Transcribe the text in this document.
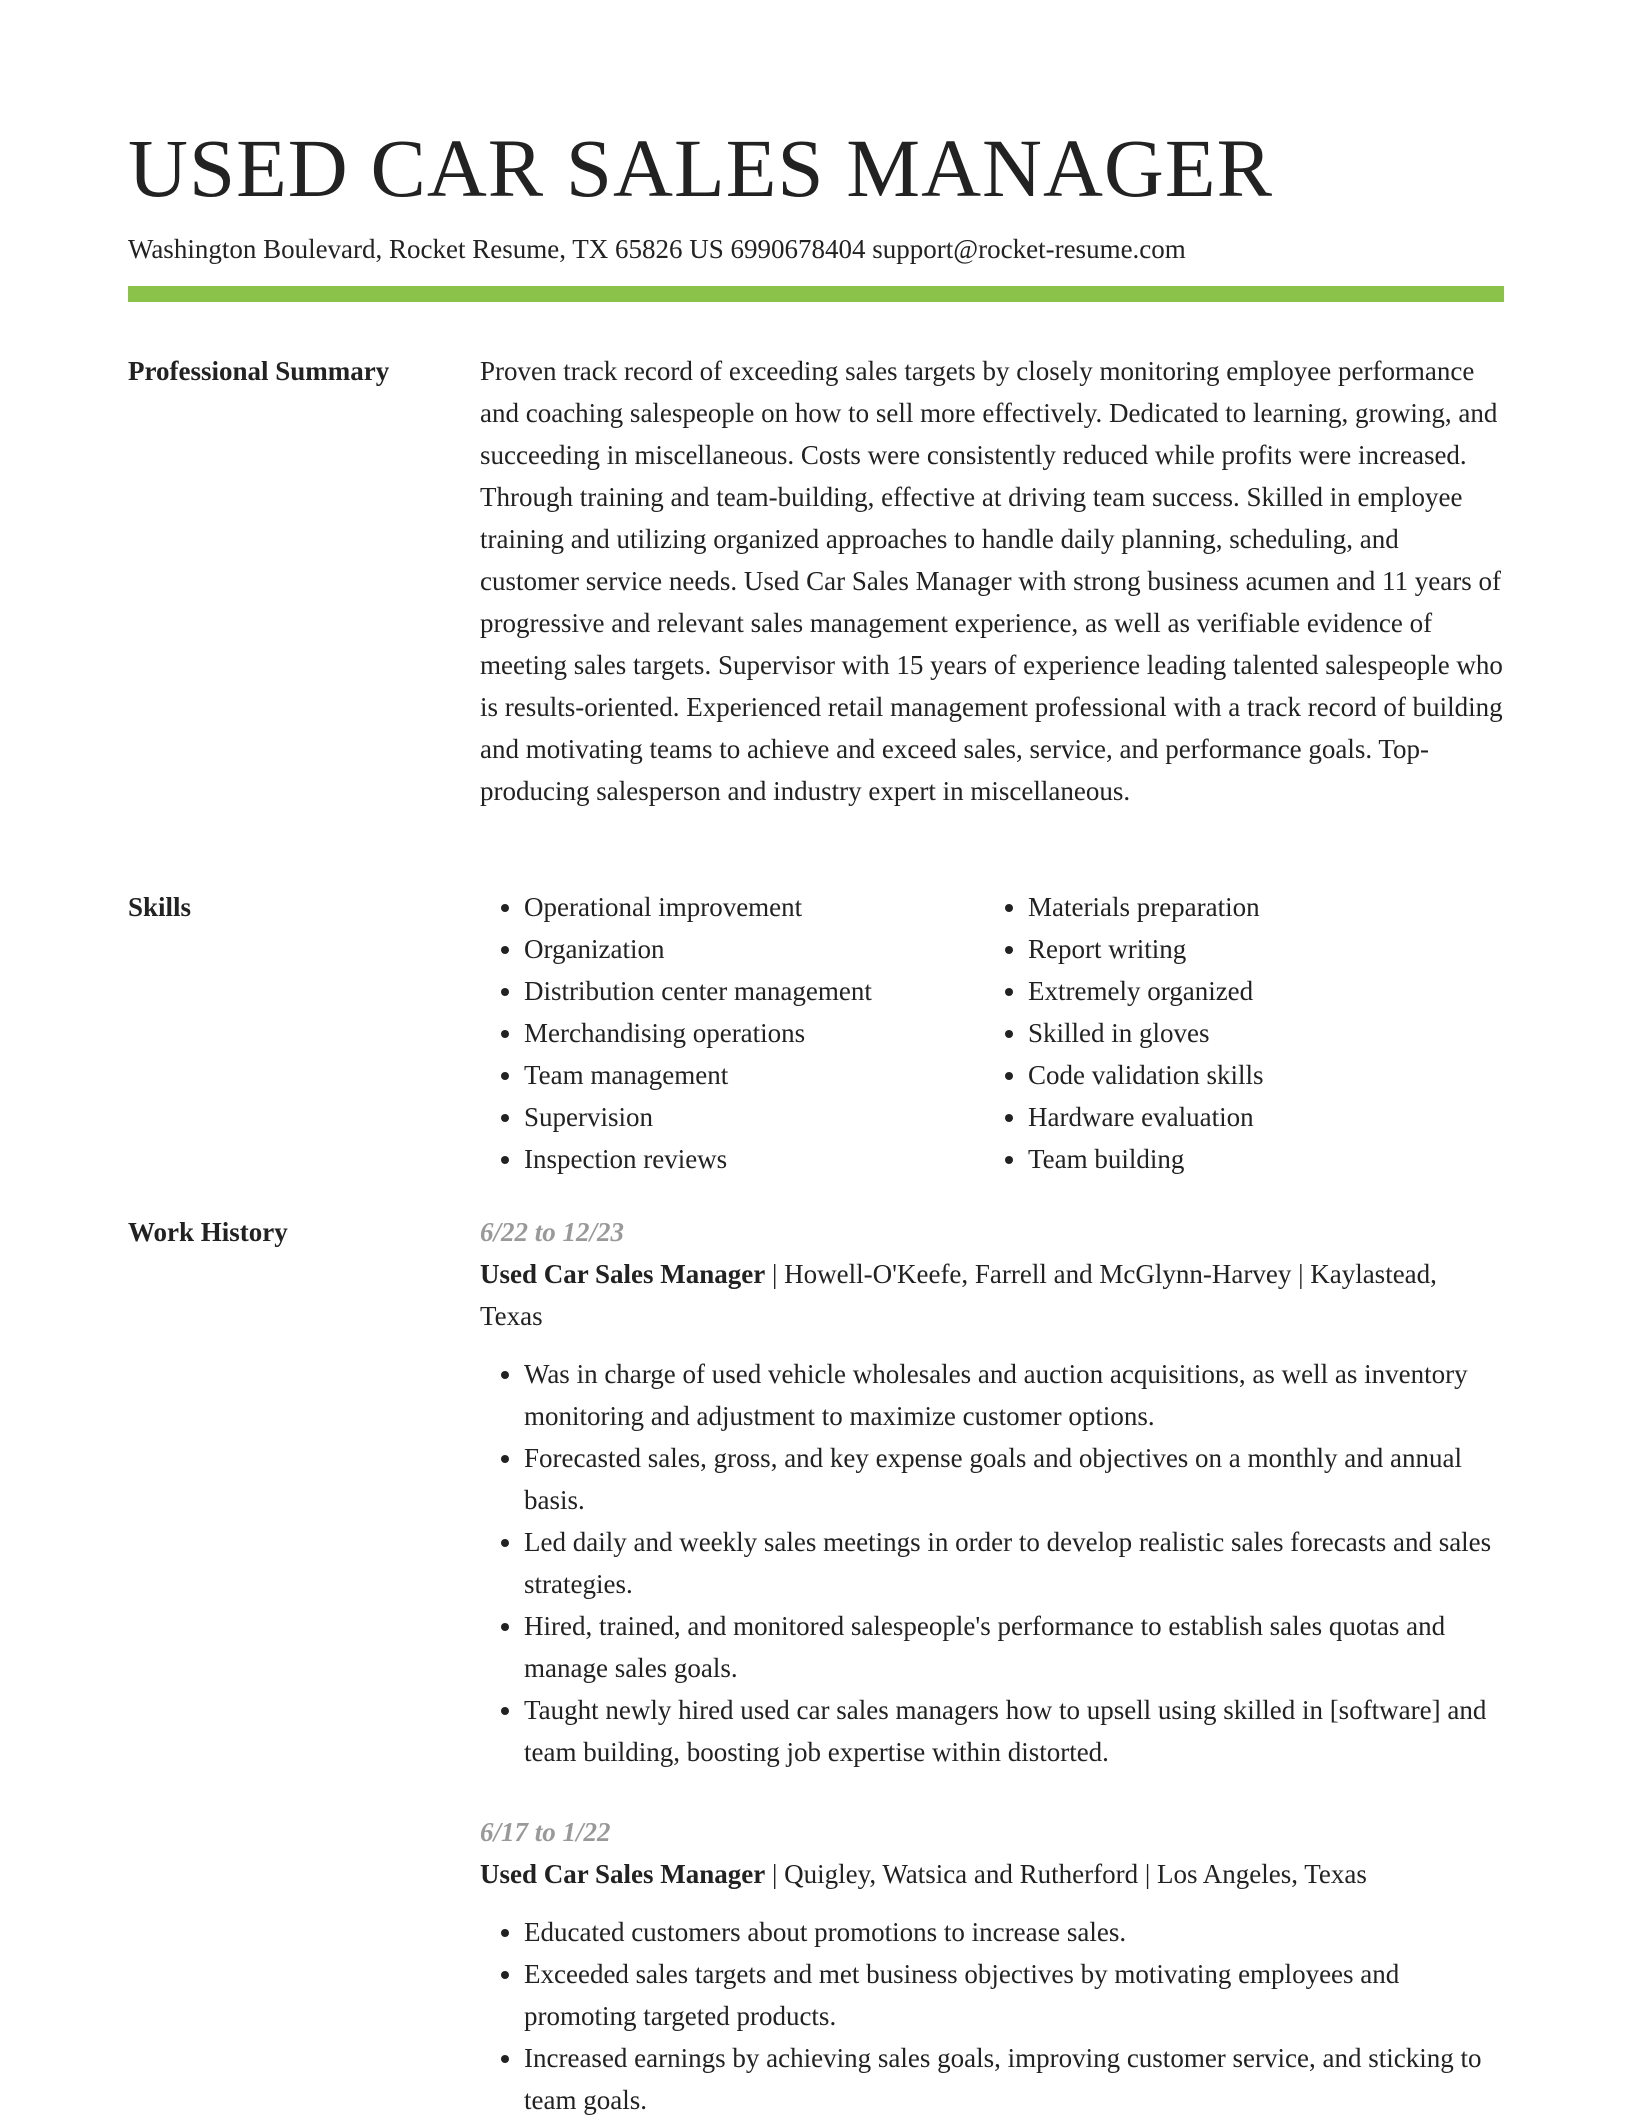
USED CAR SALES MANAGER
Washington Boulevard, Rocket Resume, TX 65826 US 6990678404 support@rocket-resume.com
Professional Summary	Proven track record of exceeding sales targets by closely monitoring employee performance and coaching salespeople on how to sell more effectively. Dedicated to learning, growing, and succeeding in miscellaneous. Costs were consistently reduced while profits were increased. Through training and team-building, effective at driving team success. Skilled in employee training and utilizing organized approaches to handle daily planning, scheduling, and customer service needs. Used Car Sales Manager with strong business acumen and 11 years of progressive and relevant sales management experience, as well as verifiable evidence of meeting sales targets. Supervisor with 15 years of experience leading talented salespeople who is results-oriented. Experienced retail management professional with a track record of building and motivating teams to achieve and exceed sales, service, and performance goals. Top-producing salesperson and industry expert in miscellaneous.

Skills
•	Operational improvement
• Organization
• Distribution center management
• Merchandising operations
• Team management
• Supervision
• Inspection reviews
• Materials preparation
• Report writing
• Extremely organized
• Skilled in gloves
• Code validation skills
• Hardware evaluation
• Team building
Work History	6/22 to 12/23
Used Car Sales Manager | Howell-O'Keefe, Farrell and McGlynn-Harvey | Kaylastead, Texas
• Was in charge of used vehicle wholesales and auction acquisitions, as well as inventory monitoring and adjustment to maximize customer options.
• Forecasted sales, gross, and key expense goals and objectives on a monthly and annual basis.
• Led daily and weekly sales meetings in order to develop realistic sales forecasts and sales strategies.
• Hired, trained, and monitored salespeople's performance to establish sales quotas and manage sales goals.
• Taught newly hired used car sales managers how to upsell using skilled in [software] and team building, boosting job expertise within distorted.
6/17 to 1/22
Used Car Sales Manager | Quigley, Watsica and Rutherford | Los Angeles, Texas
• Educated customers about promotions to increase sales.
• Exceeded sales targets and met business objectives by motivating employees and promoting targeted products.
• Increased earnings by achieving sales goals, improving customer service, and sticking to team goals.
